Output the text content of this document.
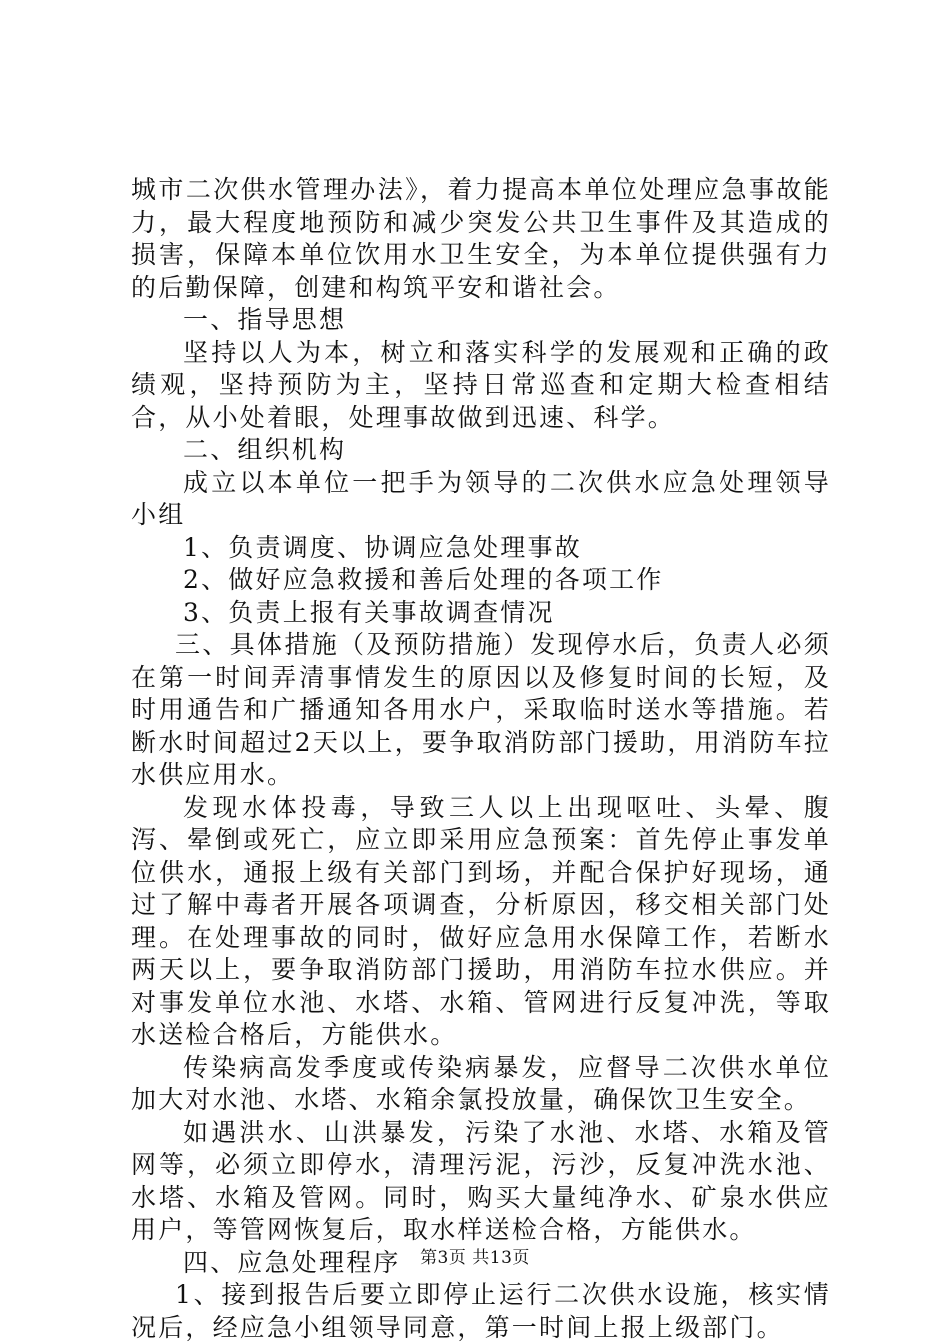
城市二次供水管理办法》，着力提高本单位处理应急事故能力，最大程度地预防和减少突发公共卫生事件及其造成的损害，保障本单位饮用水卫生安全，为本单位提供强有力的后勤保障，创建和构筑平安和谐社会。

一、指导思想

坚持以人为本，树立和落实科学的发展观和正确的政绩观，坚持预防为主，坚持日常巡查和定期大检查相结合，从小处着眼，处理事故做到迅速、科学。

二、组织机构

成立以本单位一把手为领导的二次供水应急处理领导小组

1、负责调度、协调应急处理事故

2、做好应急救援和善后处理的各项工作

3、负责上报有关事故调查情况

三、具体措施（及预防措施）发现停水后，负责人必须在第一时间弄清事情发生的原因以及修复时间的长短，及时用通告和广播通知各用水户，采取临时送水等措施。若断水时间超过2天以上，要争取消防部门援助，用消防车拉水供应用水。

发现水体投毒，导致三人以上出现呕吐、头晕、腹泻、晕倒或死亡，应立即采用应急预案：首先停止事发单位供水，通报上级有关部门到场，并配合保护好现场，通过了解中毒者开展各项调查，分析原因，移交相关部门处理。在处理事故的同时，做好应急用水保障工作，若断水两天以上，要争取消防部门援助，用消防车拉水供应。并对事发单位水池、水塔、水箱、管网进行反复冲洗，等取水送检合格后，方能供水。

传染病高发季度或传染病暴发，应督导二次供水单位加大对水池、水塔、水箱余氯投放量，确保饮卫生安全。

如遇洪水、山洪暴发，污染了水池、水塔、水箱及管网等，必须立即停水，清理污泥，污沙，反复冲洗水池、水塔、水箱及管网。同时，购买大量纯净水、矿泉水供应用户，等管网恢复后，取水样送检合格，方能供水。

四、应急处理程序

1、接到报告后要立即停止运行二次供水设施，核实情况后，经应急小组领导同意，第一时间上报上级部门。

第3页 共13页
